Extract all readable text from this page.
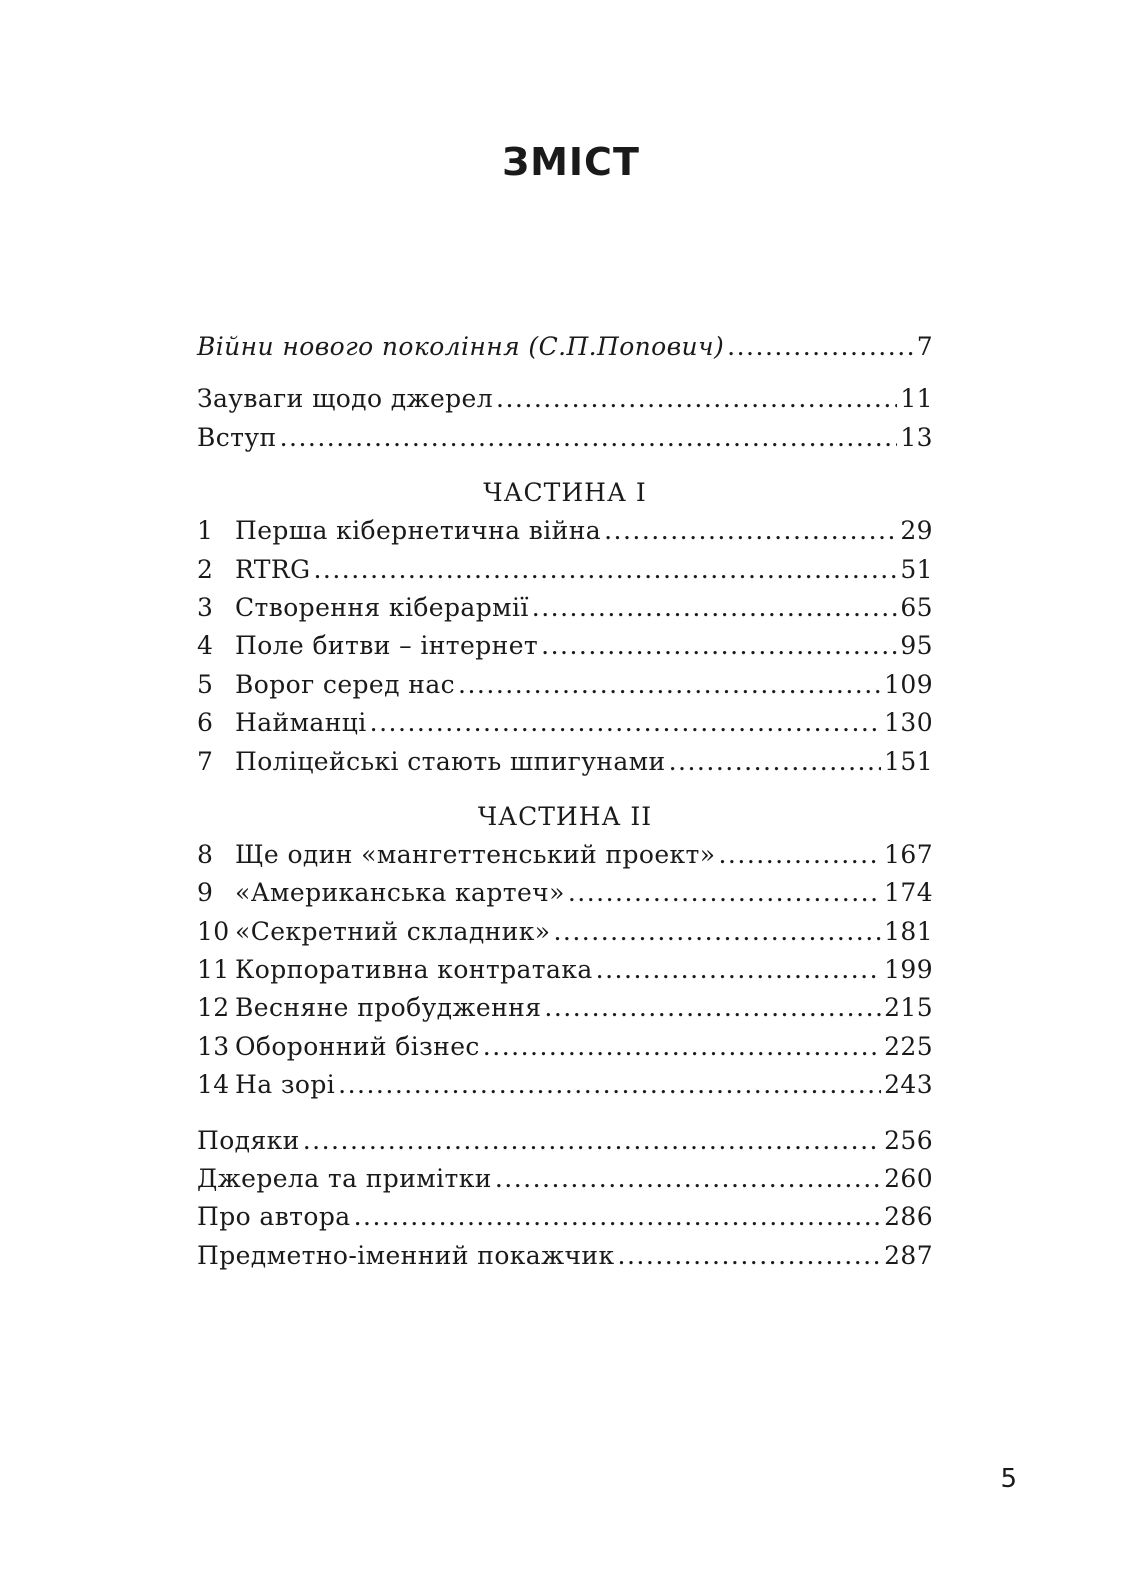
ЗМІСТ
Війни нового покоління (С.П.Попович) .....	7
Зауваги щодо джерел .....	11
Вступ .....	13
ЧАСТИНА I
1 Перша кібернетична війна .....	29
2 RTRG .....	51
3 Створення кіберармії .....	65
4 Поле битви – інтернет .....	95
5 Ворог серед нас .....	109
6 Найманці .....	130
7 Поліцейські стають шпигунами .....	151
ЧАСТИНА II
8 Ще один «мангеттенський проект» .....	167
9 «Американська картеч» .....	174
10 «Секретний складник» .....	181
11 Корпоративна контратака .....	199
12 Весняне пробудження .....	215
13 Оборонний бізнес .....	225
14 На зорі .....	243
Подяки .....	256
Джерела та примітки .....	260
Про автора .....	286
Предметно-іменний покажчик .....	287
5
